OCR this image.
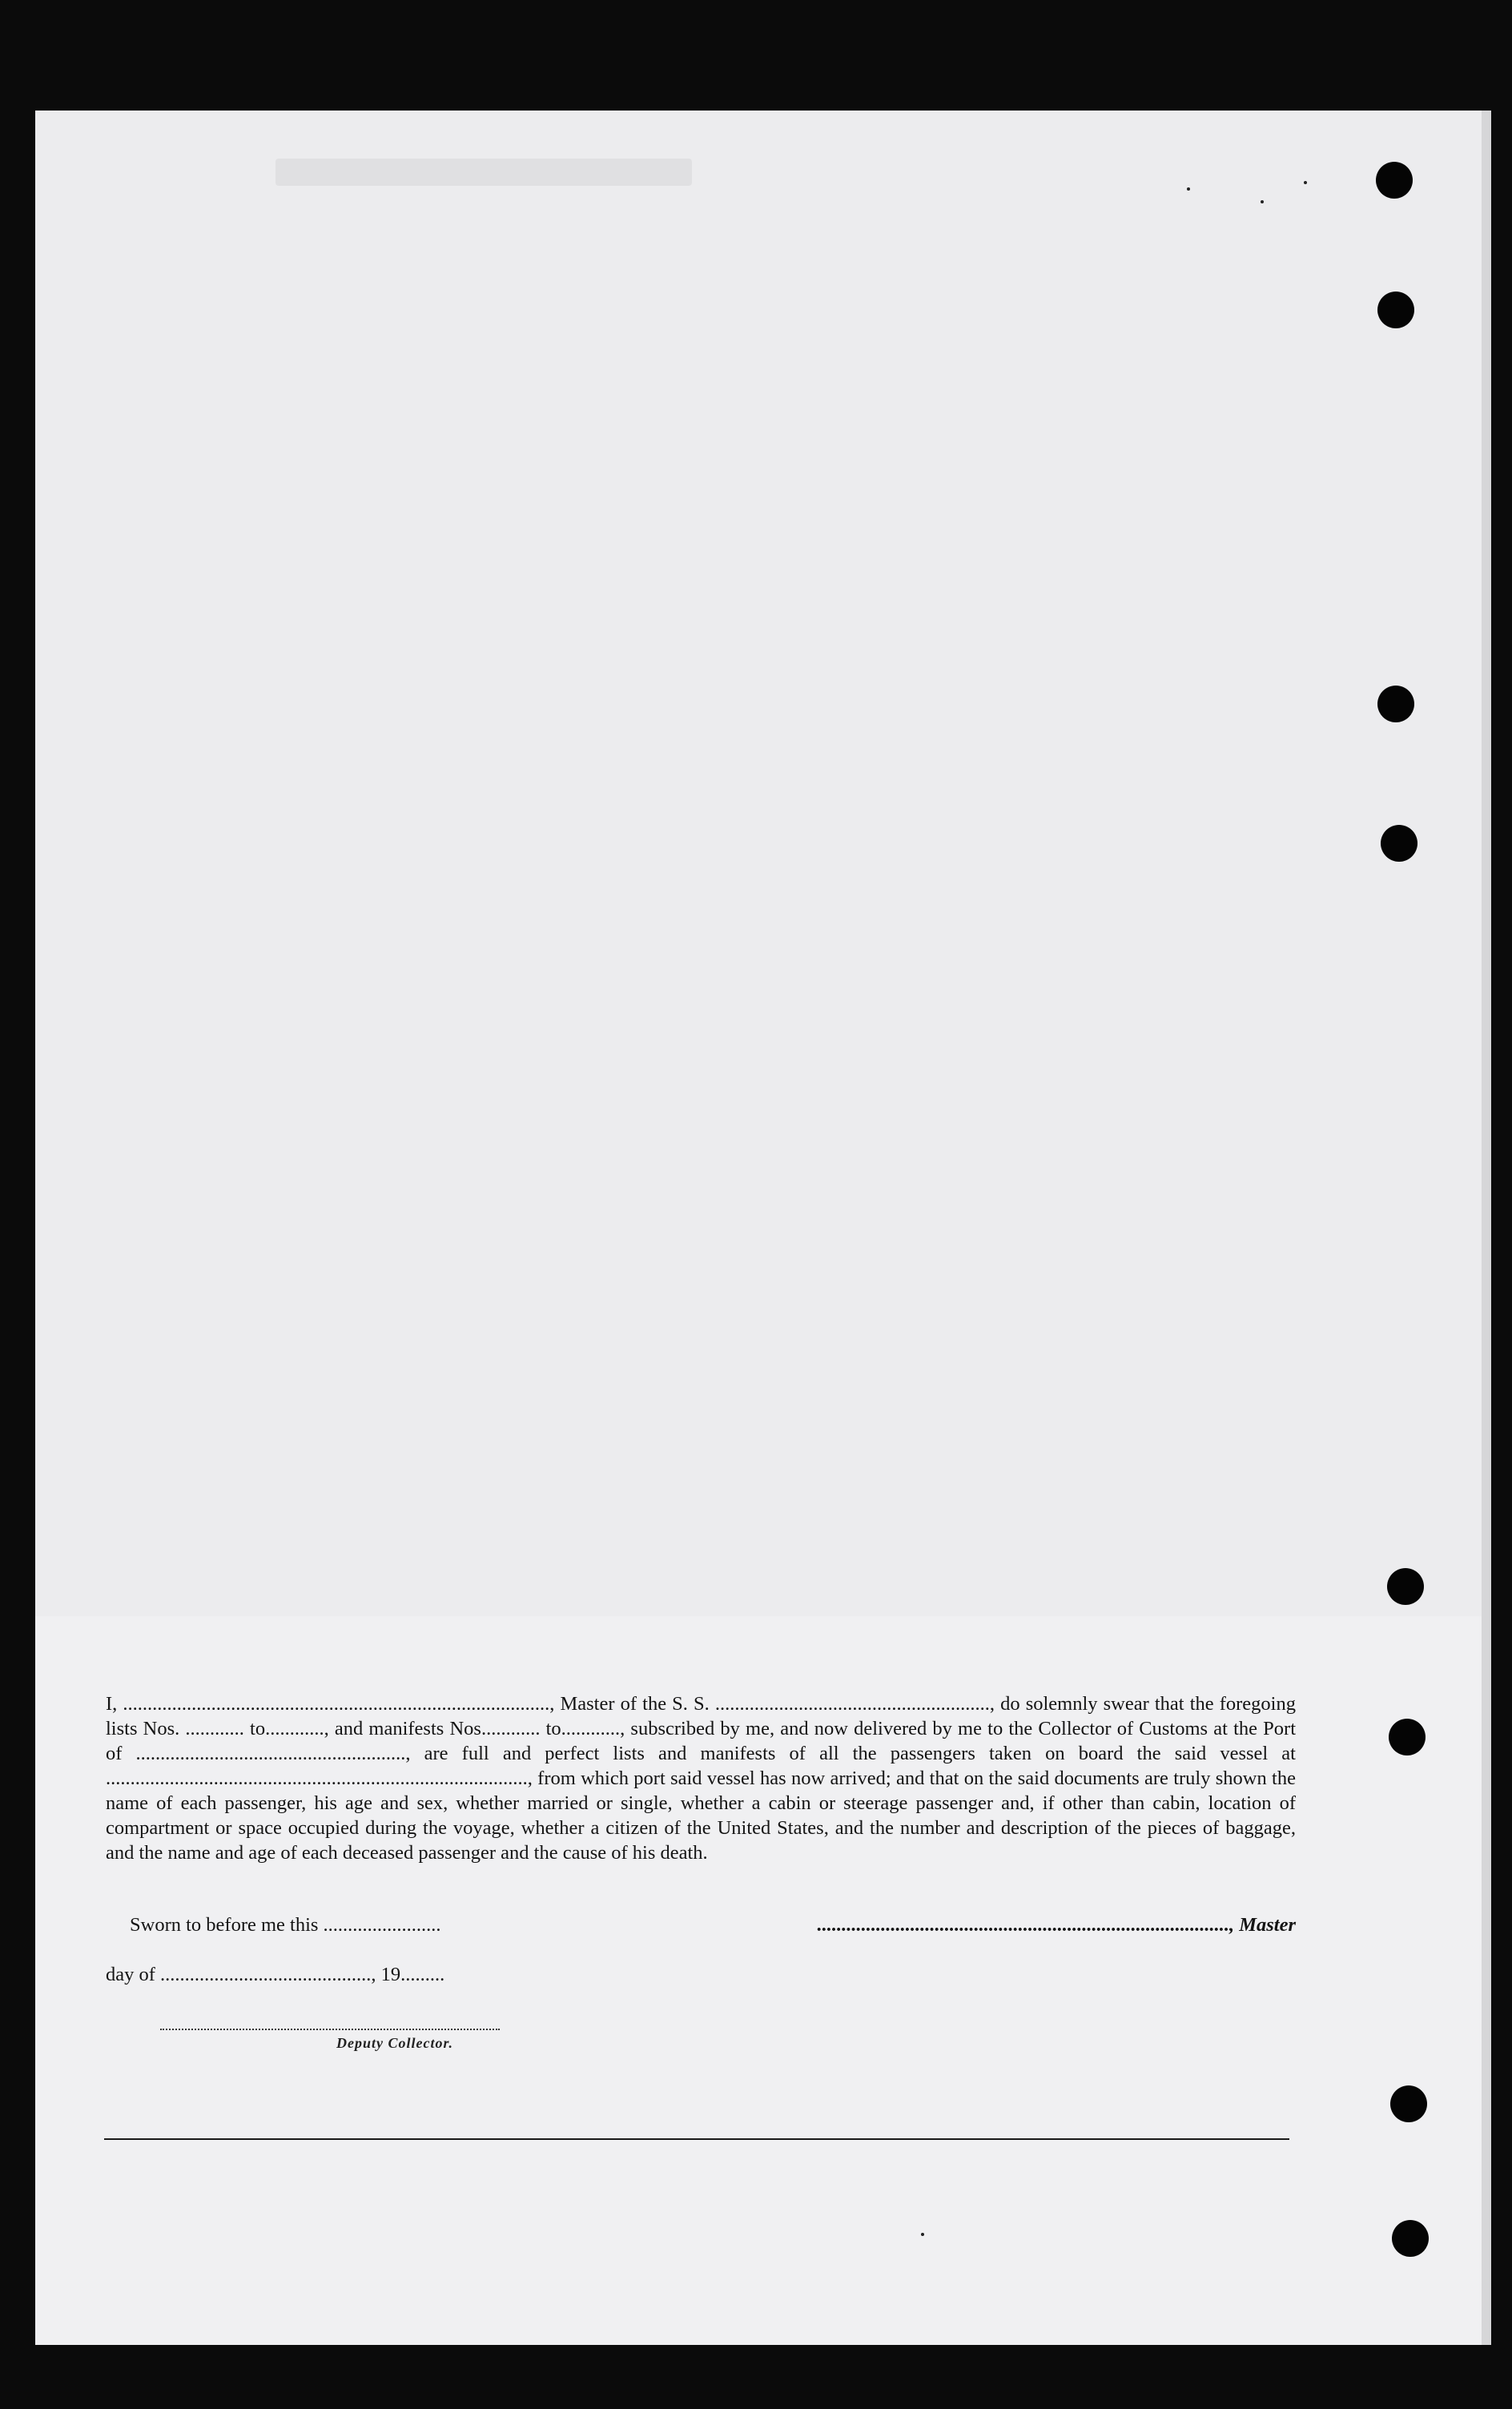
I, ......................................................................................., Master of the S. S. ........................................................, do solemnly swear that the foregoing lists Nos. ............ to............, and manifests Nos............ to............, subscribed by me, and now delivered by me to the Collector of Customs at the Port of ......................................................., are full and perfect lists and manifests of all the passengers taken on board the said vessel at ......................................................................................, from which port said vessel has now arrived; and that on the said documents are truly shown the name of each passenger, his age and sex, whether married or single, whether a cabin or steerage passenger and, if other than cabin, location of compartment or space occupied during the voyage, whether a citizen of the United States, and the number and description of the pieces of baggage, and the name and age of each deceased passenger and the cause of his death.

Sworn to before me this ........................	...................................................................................., Master
day of ..........................................., 19.........
Deputy Collector.
